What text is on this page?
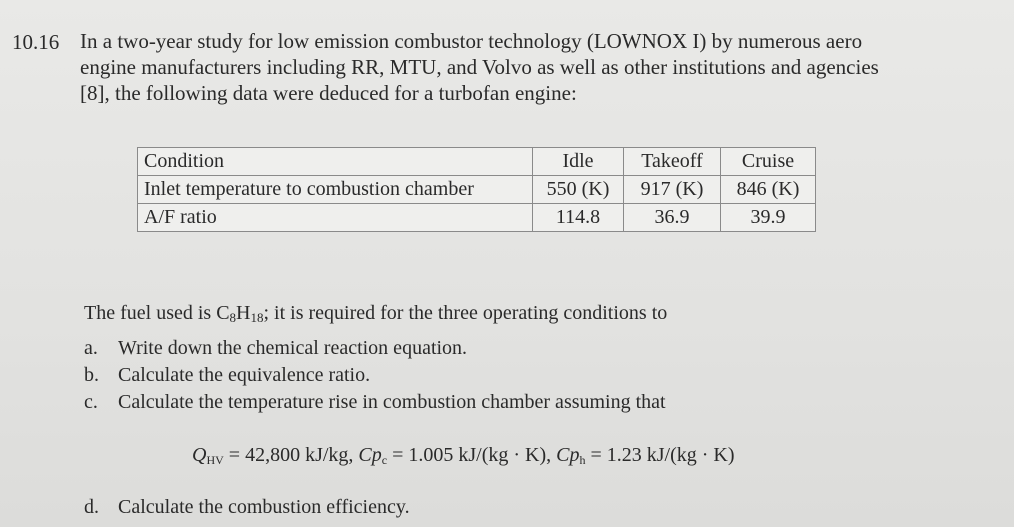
10.16 In a two-year study for low emission combustor technology (LOWNOX I) by numerous aero
engine manufacturers including RR, MTU, and Volvo as well as other institutions and agencies
[8], the following data were deduced for a turbofan engine:
Condition	Idle	Takeoff	Cruise
Inlet temperature to combustion chamber	550 (K)	917 (K)	846 (K)
A/F ratio	114.8	36.9	39.9
The fuel used is $C_8H_{18}$; it is required for the three operating conditions to
a. Write down the chemical reaction equation.
b. Calculate the equivalence ratio.
c. Calculate the temperature rise in combustion chamber assuming that
$Q_{HV} = 42,800$ kJ/kg, $Cp_c = 1.005$ kJ/(kg · K), $Cp_h = 1.23$ kJ/(kg · K)
d. Calculate the combustion efficiency.
